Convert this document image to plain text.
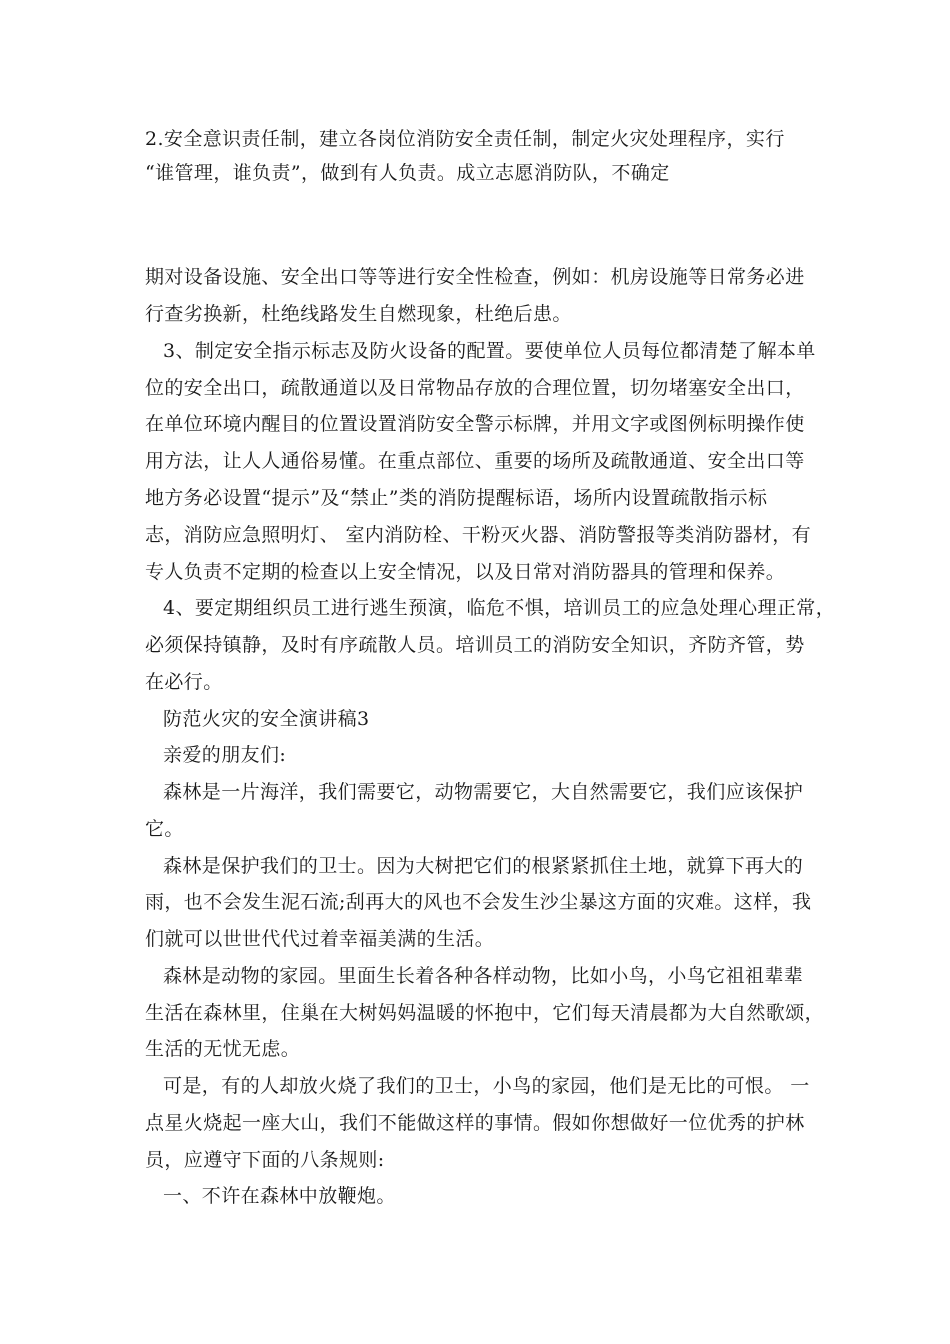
2.安全意识责任制，建立各岗位消防安全责任制，制定火灾处理程序，实行
“谁管理，谁负责”，做到有人负责。成立志愿消防队，不确定
期对设备设施、安全出口等等进行安全性检查，例如：机房设施等日常务必进
行查劣换新，杜绝线路发生自燃现象，杜绝后患。
3、制定安全指示标志及防火设备的配置。要使单位人员每位都清楚了解本单
位的安全出口，疏散通道以及日常物品存放的合理位置，切勿堵塞安全出口，
在单位环境内醒目的位置设置消防安全警示标牌，并用文字或图例标明操作使
用方法，让人人通俗易懂。在重点部位、重要的场所及疏散通道、安全出口等
地方务必设置“提示”及“禁止”类的消防提醒标语，场所内设置疏散指示标
志，消防应急照明灯、 室内消防栓、干粉灭火器、消防警报等类消防器材，有
专人负责不定期的检查以上安全情况，以及日常对消防器具的管理和保养。
4、要定期组织员工进行逃生预演，临危不惧，培训员工的应急处理心理正常，
必须保持镇静，及时有序疏散人员。培训员工的消防安全知识，齐防齐管，势
在必行。
防范火灾的安全演讲稿3
亲爱的朋友们:
森林是一片海洋，我们需要它，动物需要它，大自然需要它，我们应该保护
它。
森林是保护我们的卫士。因为大树把它们的根紧紧抓住土地，就算下再大的
雨，也不会发生泥石流;刮再大的风也不会发生沙尘暴这方面的灾难。这样，我
们就可以世世代代过着幸福美满的生活。
森林是动物的家园。里面生长着各种各样动物，比如小鸟，小鸟它祖祖辈辈
生活在森林里，住巢在大树妈妈温暖的怀抱中，它们每天清晨都为大自然歌颂，
生活的无忧无虑。
可是，有的人却放火烧了我们的卫士，小鸟的家园，他们是无比的可恨。 一
点星火烧起一座大山，我们不能做这样的事情。假如你想做好一位优秀的护林
员，应遵守下面的八条规则:
一、不许在森林中放鞭炮。
